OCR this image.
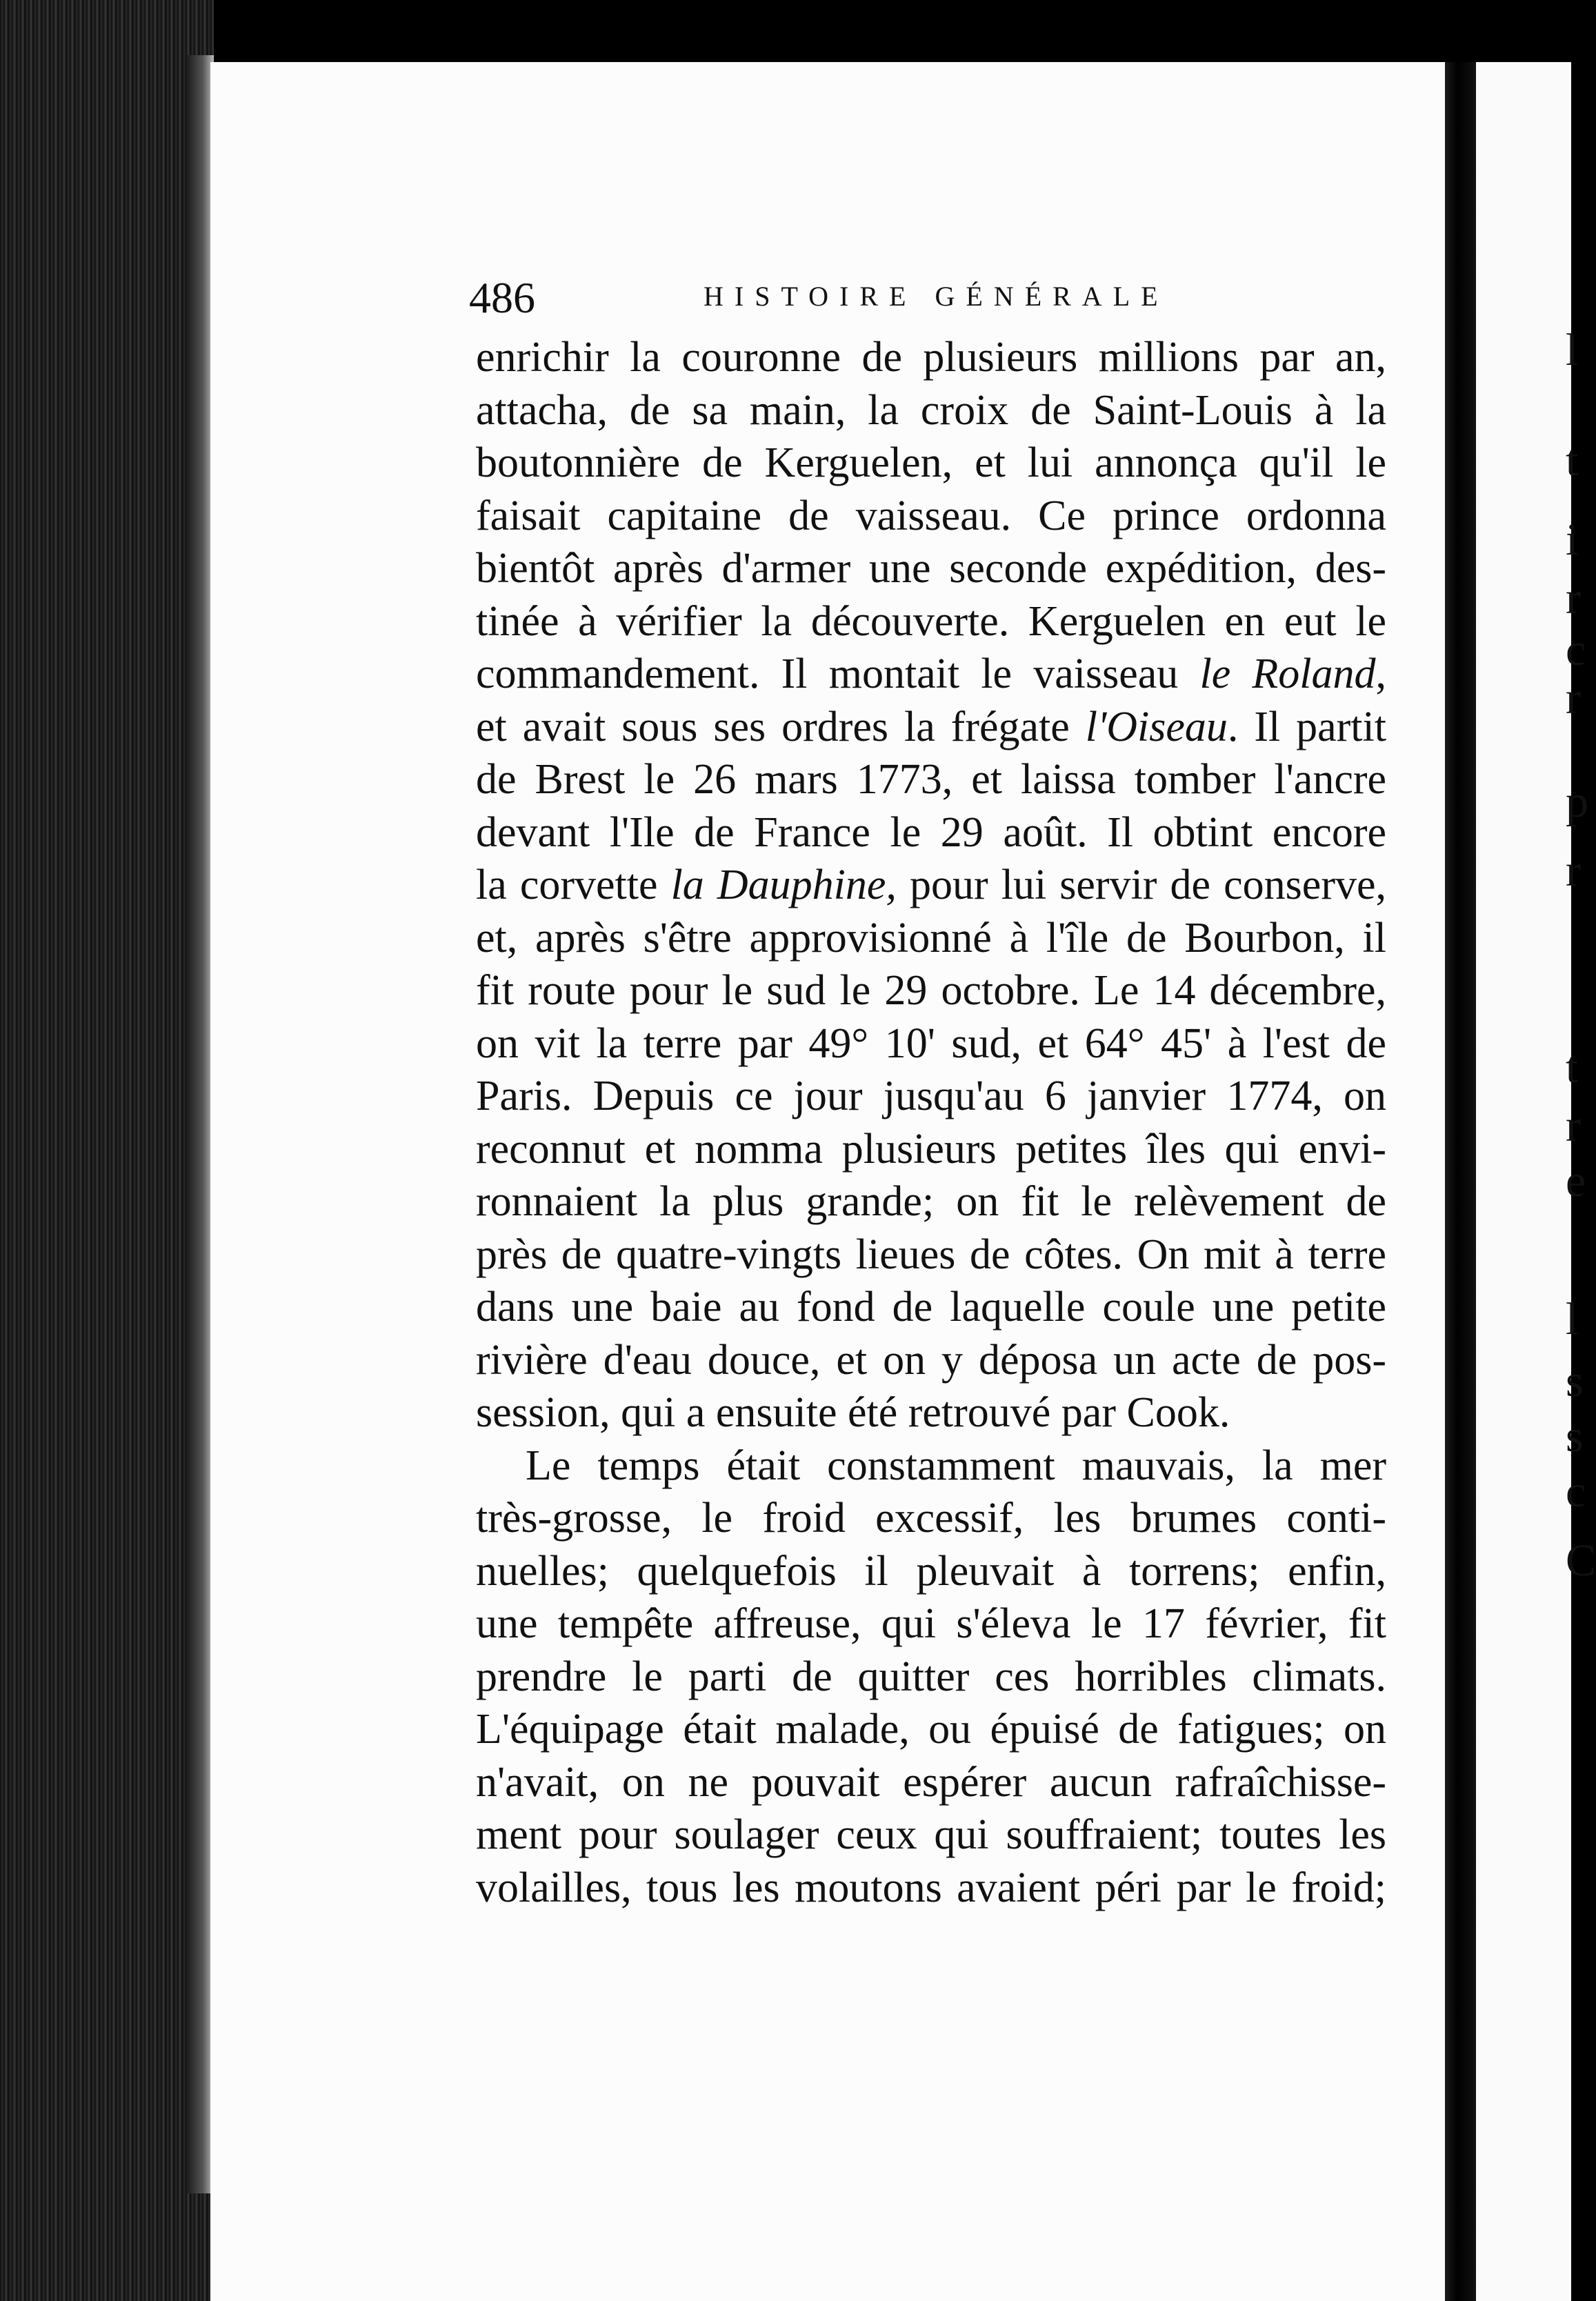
l
t
i
r
c
r
p
r
t
r
e
l
s
s
c
C
486	HISTOIRE GÉNÉRALE
enrichir la couronne de plusieurs millions par an,
attacha, de sa main, la croix de Saint-Louis à la
boutonnière de Kerguelen, et lui annonça qu'il le
faisait capitaine de vaisseau. Ce prince ordonna
bientôt après d'armer une seconde expédition, des-
tinée à vérifier la découverte. Kerguelen en eut le
commandement. Il montait le vaisseau le Roland,
et avait sous ses ordres la frégate l'Oiseau. Il partit
de Brest le 26 mars 1773, et laissa tomber l'ancre
devant l'Ile de France le 29 août. Il obtint encore
la corvette la Dauphine, pour lui servir de conserve,
et, après s'être approvisionné à l'île de Bourbon, il
fit route pour le sud le 29 octobre. Le 14 décembre,
on vit la terre par 49° 10' sud, et 64° 45' à l'est de
Paris. Depuis ce jour jusqu'au 6 janvier 1774, on
reconnut et nomma plusieurs petites îles qui envi-
ronnaient la plus grande; on fit le relèvement de
près de quatre-vingts lieues de côtes. On mit à terre
dans une baie au fond de laquelle coule une petite
rivière d'eau douce, et on y déposa un acte de pos-
session, qui a ensuite été retrouvé par Cook.
Le temps était constamment mauvais, la mer
très-grosse, le froid excessif, les brumes conti-
nuelles; quelquefois il pleuvait à torrens; enfin,
une tempête affreuse, qui s'éleva le 17 février, fit
prendre le parti de quitter ces horribles climats.
L'équipage était malade, ou épuisé de fatigues; on
n'avait, on ne pouvait espérer aucun rafraîchisse-
ment pour soulager ceux qui souffraient; toutes les
volailles, tous les moutons avaient péri par le froid;
